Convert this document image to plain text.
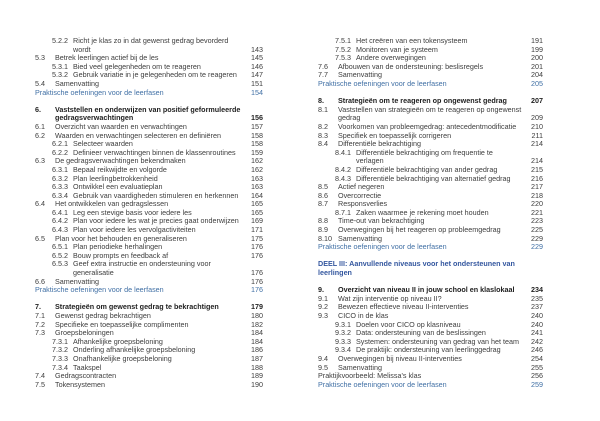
5.2.2 Richt je klas zo in dat gewenst gedrag bevorderd wordt	143
5.3	Betrek leerlingen actief bij de les	145
5.3.1 Bied veel gelegenheden om te reageren	146
5.3.2 Gebruik variatie in je gelegenheden om te reageren	147
5.4	Samenvatting	151
Praktische oefeningen voor de leerfasen	154
6.	Vaststellen en onderwijzen van positief geformuleerde gedragsverwachtingen	156
6.1	Overzicht van waarden en verwachtingen	157
6.2	Waarden en verwachtingen selecteren en definiëren	158
6.2.1 Selecteer waarden	158
6.2.2 Definieer verwachtingen binnen de klassenroutines	159
6.3	De gedragsverwachtingen bekendmaken	162
6.3.1 Bepaal reikwijdte en volgorde	162
6.3.2 Plan leerlingbetrokkenheid	163
6.3.3 Ontwikkel een evaluatieplan	163
6.3.4 Gebruik van vaardigheden stimuleren en herkennen	164
6.4	Het ontwikkelen van gedragslessen	165
6.4.1 Leg een stevige basis voor iedere les	165
6.4.2 Plan voor iedere les wat je precies gaat onderwijzen	169
6.4.3 Plan voor iedere les vervolgactiviteiten	171
6.5	Plan voor het behouden en generaliseren	175
6.5.1 Plan periodieke herhalingen	176
6.5.2 Bouw prompts en feedback af	176
6.5.3 Geef extra instructie en ondersteuning voor generalisatie	176
6.6	Samenvatting	176
Praktische oefeningen voor de leerfasen	176
7.	Strategieën om gewenst gedrag te bekrachtigen	179
7.1	Gewenst gedrag bekrachtigen	180
7.2	Specifieke en toepasselijke complimenten	182
7.3	Groepsbeloningen	184
7.3.1 Afhankelijke groepsbeloning	184
7.3.2 Onderling afhankelijke groepsbeloning	186
7.3.3 Onafhankelijke groepsbeloning	187
7.3.4 Taakspel	188
7.4	Gedragscontracten	189
7.5	Tokensystemen	190
7.5.1 Het creëren van een tokensysteem	191
7.5.2 Monitoren van je systeem	199
7.5.3 Andere overwegingen	200
7.6	Afbouwen van de ondersteuning: beslisregels	201
7.7	Samenvatting	204
Praktische oefeningen voor de leerfasen	205
8.	Strategieën om te reageren op ongewenst gedrag	207
8.1	Vaststellen van strategieën om te reageren op ongewenst gedrag	209
8.2	Voorkomen van probleemgedrag: antecedentmodificatie	210
8.3	Specifiek en toepasselijk corrigeren	211
8.4	Differentiële bekrachtiging	214
8.4.1 Differentiële bekrachtiging om frequentie te verlagen	214
8.4.2 Differentiële bekrachtiging van ander gedrag	215
8.4.3 Differentiële bekrachtiging van alternatief gedrag	216
8.5	Actief negeren	217
8.6	Overcorrectie	218
8.7	Responsverlies	220
8.7.1 Zaken waarmee je rekening moet houden	221
8.8	Time-out van bekrachtiging	223
8.9	Overwegingen bij het reageren op probleemgedrag	225
8.10 Samenvatting	229
Praktische oefeningen voor de leerfasen	229
DEEL III: Aanvullende niveaus voor het ondersteunen van leerlingen
9.	Overzicht van niveau II in jouw school en klaslokaal	234
9.1	Wat zijn interventie op niveau II?	235
9.2	Bewezen effectieve niveau II-interventies	237
9.3	CICO in de klas	240
9.3.1 Doelen voor CICO op klasniveau	240
9.3.2 Data: ondersteuning van de beslissingen	241
9.3.3 Systemen: ondersteuning van gedrag van het team	242
9.3.4 De praktijk: ondersteuning van leerlinggedrag	246
9.4	Overwegingen bij niveau II-interventies	254
9.5	Samenvatting	255
Praktijkvoorbeeld: Melissa's klas	256
Praktische oefeningen voor de leerfasen	259
